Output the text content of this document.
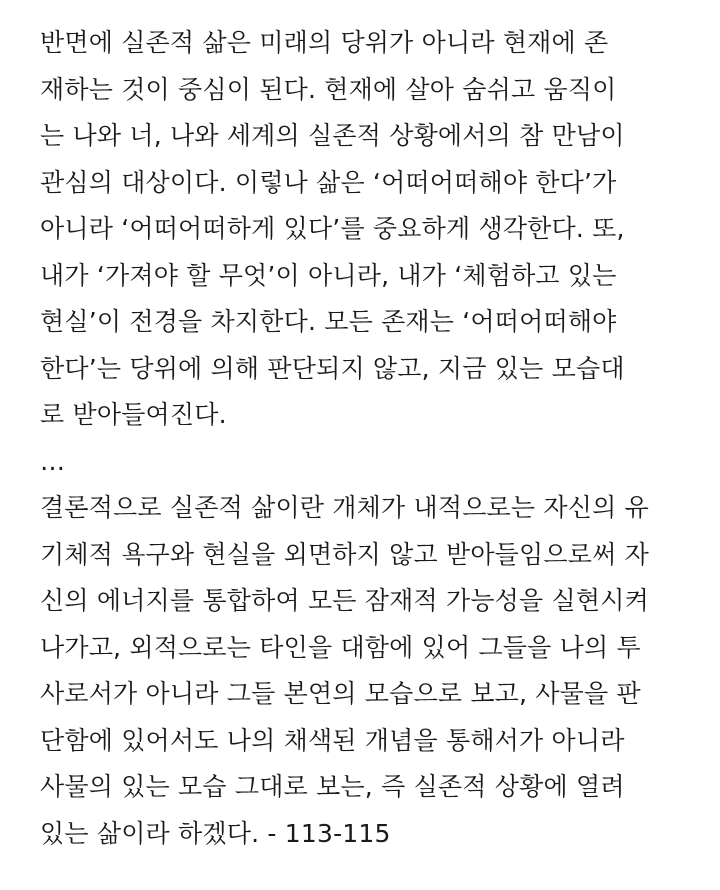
반면에 실존적 삶은 미래의 당위가 아니라 현재에 존
재하는 것이 중심이 된다. 현재에 살아 숨쉬고 움직이
는 나와 너, 나와 세계의 실존적 상황에서의 참 만남이
관심의 대상이다. 이렇나 삶은 ‘어떠어떠해야 한다’가
아니라 ‘어떠어떠하게 있다’를 중요하게 생각한다. 또,
내가 ‘가져야 할 무엇’이 아니라, 내가 ‘체험하고 있는
현실’이 전경을 차지한다. 모든 존재는 ‘어떠어떠해야
한다’는 당위에 의해 판단되지 않고, 지금 있는 모습대
로 받아들여진다.
…
결론적으로 실존적 삶이란 개체가 내적으로는 자신의 유
기체적 욕구와 현실을 외면하지 않고 받아들임으로써 자
신의 에너지를 통합하여 모든 잠재적 가능성을 실현시켜
나가고, 외적으로는 타인을 대함에 있어 그들을 나의 투
사로서가 아니라 그들 본연의 모습으로 보고, 사물을 판
단함에 있어서도 나의 채색된 개념을 통해서가 아니라
사물의 있는 모습 그대로 보는, 즉 실존적 상황에 열려
있는 삶이라 하겠다. - 113-115
